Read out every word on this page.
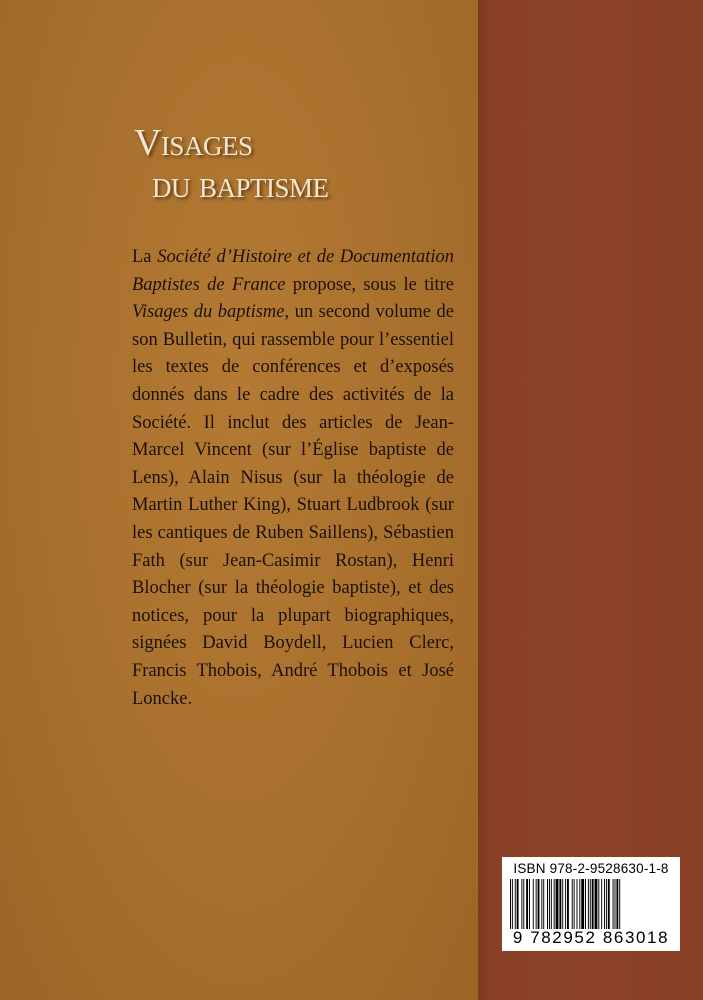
Visages
du baptisme

La Société d’Histoire et de Documentation Baptistes de France propose, sous le titre Visages du baptisme, un second volume de son Bulletin, qui rassemble pour l’essentiel les textes de conférences et d’exposés donnés dans le cadre des activités de la Société. Il inclut des articles de Jean-Marcel Vincent (sur l’Église baptiste de Lens), Alain Nisus (sur la théologie de Martin Luther King), Stuart Ludbrook (sur les cantiques de Ruben Saillens), Sébastien Fath (sur Jean-Casimir Rostan), Henri Blocher (sur la théologie baptiste), et des notices, pour la plupart biographiques, signées David Boydell, Lucien Clerc, Francis Thobois, André Thobois et José Loncke.

ISBN 978-2-9528630-1-8
9 782952 863018
